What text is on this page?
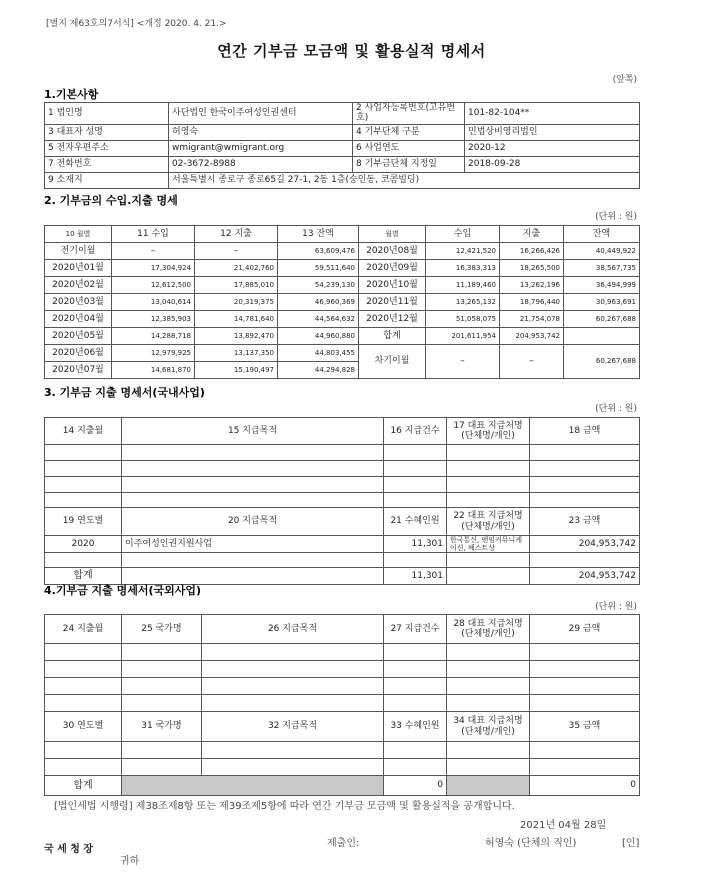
[별지 제63호의7서식] <개정 2020. 4. 21.>
연간 기부금 모금액 및 활용실적 명세서
(앞쪽)
1.기본사항
1 법인명	사단법인 한국이주여성인권센터	2 사업자등록번호(고유번호)	101-82-104**
3 대표자 성명	허영숙	4 기부단체 구분	민법상비영리법인
5 전자우편주소	wmigrant@wmigrant.org	6 사업연도	2020-12
7 전화번호	02-3672-8988	8 기부금단체 지정일	2018-09-28
9 소재지	서울특별시 종로구 종로65길 27-1, 2동 1층(숭인동, 코콤빌딩)		
2. 기부금의 수입.지출 명세
(단위 : 원)
10 월별	11 수입	12 지출	13 잔액	월별	수입	지출	잔액
전기이월	–	–	63,609,476	2020년08월	12,421,520	16,266,426	40,449,922
2020년01월	17,304,924	21,402,760	59,511,640	2020년09월	16,383,313	18,265,500	38,567,735
2020년02월	12,612,500	17,885,010	54,239,130	2020년10월	11,189,460	13,262,196	36,494,999
2020년03월	13,040,614	20,319,375	46,960,369	2020년11월	13,265,132	18,796,440	30,963,691
2020년04월	12,385,903	14,781,640	44,564,632	2020년12월	51,058,075	21,754,078	60,267,688
2020년05월	14,288,718	13,892,470	44,960,880	합계	201,611,954	204,953,742	
2020년06월	12,979,925	13,137,350	44,803,455	차기이월	–	–	60,267,688
2020년07월	14,681,870	15,190,497	44,294,828				
3. 기부금 지출 명세서(국내사업)
(단위 : 원)
14 지출월	15 지급목적	16 지급건수	17 대표 지급처명 (단체명/개인)	18 금액

19 연도별	20 지급목적	21 수혜인원	22 대표 지급처명 (단체명/개인)	23 금액
2020	이주여성인권지원사업	11,301	한국통신, 엔임커뮤니케이션, 베스트상	204,953,742

합계		11,301		204,953,742
4.기부금 지출 명세서(국외사업)
(단위 : 원)
24 지출월	25 국가명	26 지급목적	27 지급건수	28 대표 지급처명 (단체명/개인)	29 금액

30 연도별	31 국가명	32 지급목적	33 수혜인원	34 대표 지급처명 (단체명/개인)	35 금액

합계			0		0
[법인세법 시행령] 제38조제8항 또는 제39조제5항에 따라 연간 기부금 모금액 및 활용실적을 공개합니다.
2021년 04월 28일
제출인:	허영숙 (단체의 직인)	[인]
국 세 청 장
귀하
